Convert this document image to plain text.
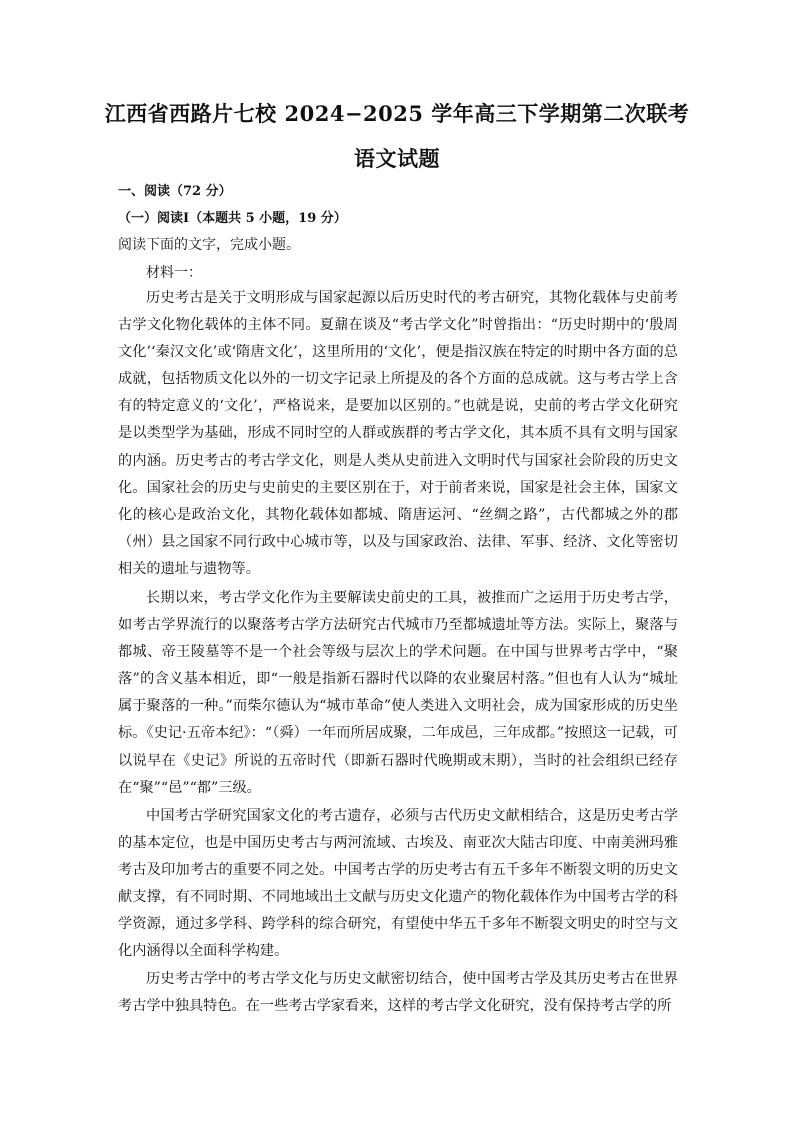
江西省西路片七校 2024−2025 学年高三下学期第二次联考
语文试题
一、阅读（72 分）
（一）阅读Ⅰ（本题共 5 小题，19 分）
阅读下面的文字，完成小题。
材料一：

历史考古是关于文明形成与国家起源以后历史时代的考古研究，其物化载体与史前考古学文化物化载体的主体不同。夏鼐在谈及“考古学文化”时曾指出：“历史时期中的‘殷周文化’‘秦汉文化’或‘隋唐文化’，这里所用的‘文化’，便是指汉族在特定的时期中各方面的总成就，包括物质文化以外的一切文字记录上所提及的各个方面的总成就。这与考古学上含有的特定意义的‘文化’，严格说来，是要加以区别的。”也就是说，史前的考古学文化研究是以类型学为基础，形成不同时空的人群或族群的考古学文化，其本质不具有文明与国家的内涵。历史考古的考古学文化，则是人类从史前进入文明时代与国家社会阶段的历史文化。国家社会的历史与史前史的主要区别在于，对于前者来说，国家是社会主体，国家文化的核心是政治文化，其物化载体如都城、隋唐运河、“丝绸之路”，古代都城之外的郡（州）县之国家不同行政中心城市等，以及与国家政治、法律、军事、经济、文化等密切相关的遗址与遗物等。

长期以来，考古学文化作为主要解读史前史的工具，被推而广之运用于历史考古学，如考古学界流行的以聚落考古学方法研究古代城市乃至都城遗址等方法。实际上，聚落与都城、帝王陵墓等不是一个社会等级与层次上的学术问题。在中国与世界考古学中，“聚落”的含义基本相近，即“一般是指新石器时代以降的农业聚居村落。”但也有人认为“城址属于聚落的一种。”而柴尔德认为“城市革命”使人类进入文明社会，成为国家形成的历史坐标。《史记·五帝本纪》：“（舜）一年而所居成聚，二年成邑，三年成都。”按照这一记载，可以说早在《史记》所说的五帝时代（即新石器时代晚期或末期），当时的社会组织已经存在“聚”“邑”“都”三级。

中国考古学研究国家文化的考古遗存，必须与古代历史文献相结合，这是历史考古学的基本定位，也是中国历史考古与两河流域、古埃及、南亚次大陆古印度、中南美洲玛雅考古及印加考古的重要不同之处。中国考古学的历史考古有五千多年不断裂文明的历史文献支撑，有不同时期、不同地域出土文献与历史文化遗产的物化载体作为中国考古学的科学资源，通过多学科、跨学科的综合研究，有望使中华五千多年不断裂文明史的时空与文化内涵得以全面科学构建。

历史考古学中的考古学文化与历史文献密切结合，使中国考古学及其历史考古在世界考古学中独具特色。在一些考古学家看来，这样的考古学文化研究，没有保持考古学的所
